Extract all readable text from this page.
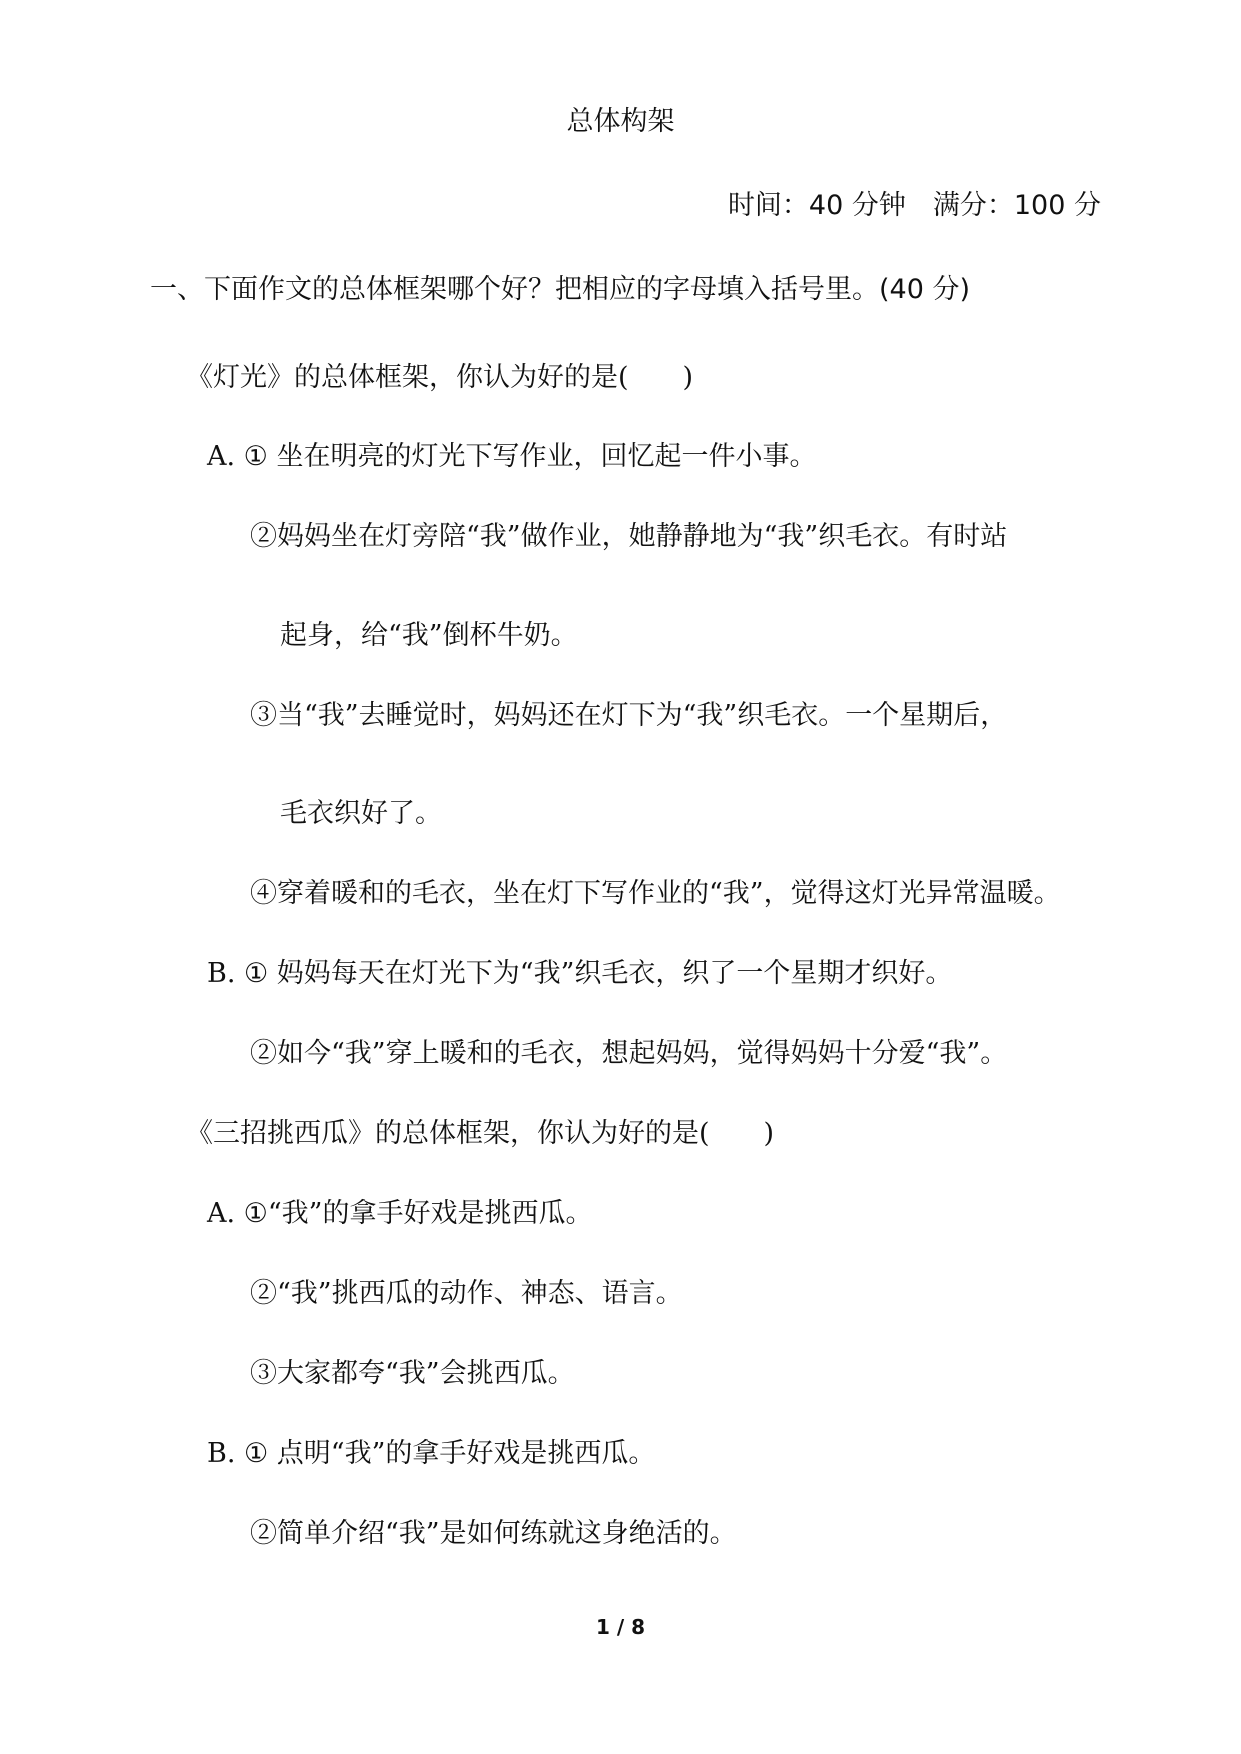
总体构架
时间：40 分钟　满分：100 分
一、下面作文的总体框架哪个好？把相应的字母填入括号里。(40 分)
《灯光》的总体框架，你认为好的是(　　)
A. ① 坐在明亮的灯光下写作业，回忆起一件小事。
②妈妈坐在灯旁陪“我”做作业，她静静地为“我”织毛衣。有时站
起身，给“我”倒杯牛奶。
③当“我”去睡觉时，妈妈还在灯下为“我”织毛衣。一个星期后，
毛衣织好了。
④穿着暖和的毛衣，坐在灯下写作业的“我”，觉得这灯光异常温暖。
B. ① 妈妈每天在灯光下为“我”织毛衣，织了一个星期才织好。
②如今“我”穿上暖和的毛衣，想起妈妈，觉得妈妈十分爱“我”。
《三招挑西瓜》的总体框架，你认为好的是(　　)
A. ①“我”的拿手好戏是挑西瓜。
②“我”挑西瓜的动作、神态、语言。
③大家都夸“我”会挑西瓜。
B. ① 点明“我”的拿手好戏是挑西瓜。
②简单介绍“我”是如何练就这身绝活的。
1 / 8
